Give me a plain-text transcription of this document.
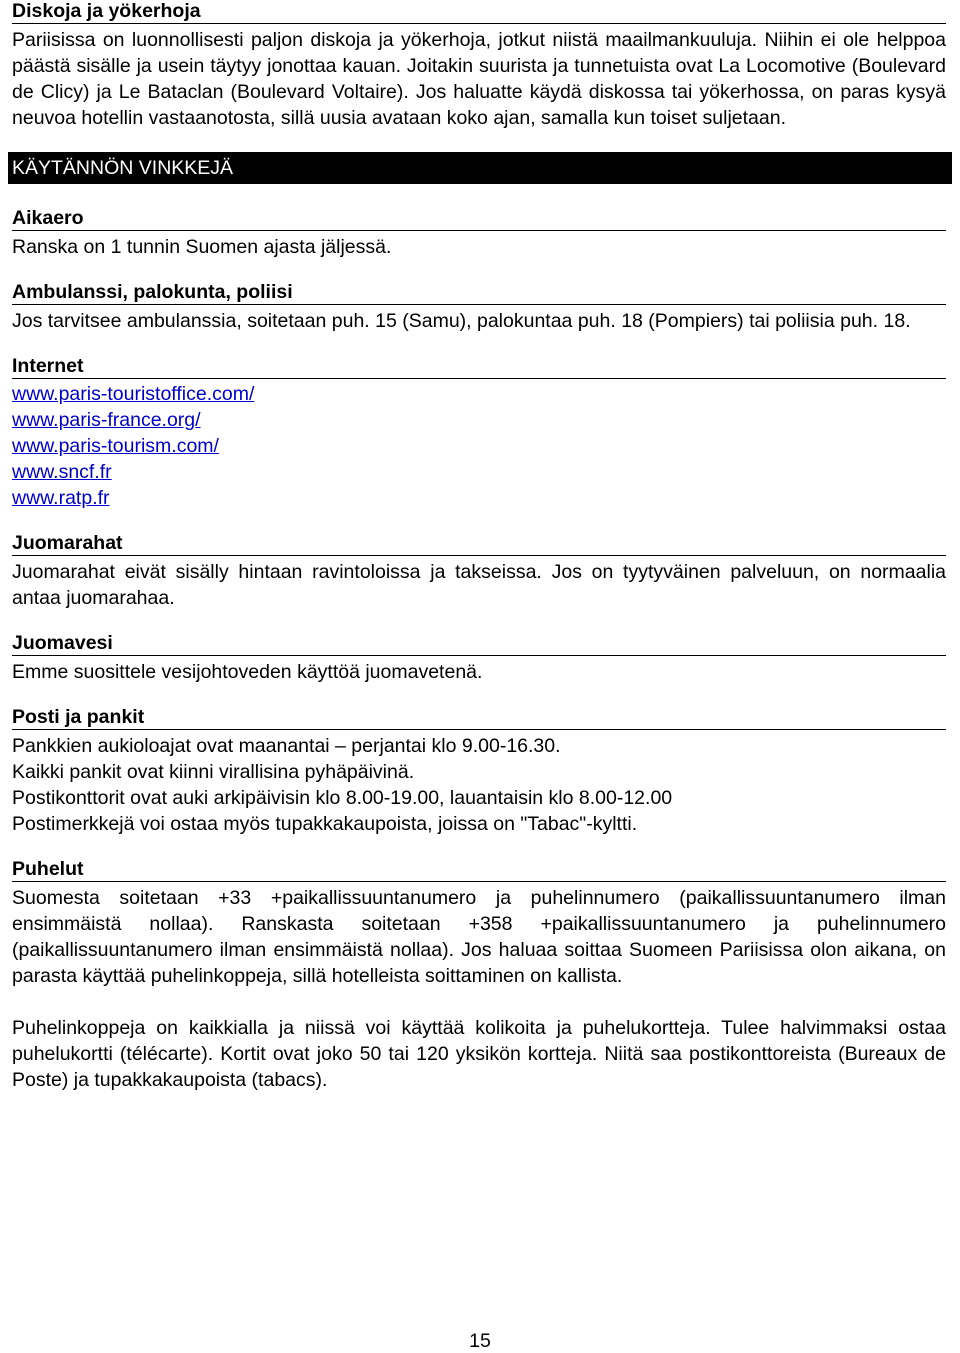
Diskoja ja yökerhoja

Pariisissa on luonnollisesti paljon diskoja ja yökerhoja, jotkut niistä maailmankuuluja. Niihin ei ole helppoa päästä sisälle ja usein täytyy jonottaa kauan. Joitakin suurista ja tunnetuista ovat La Locomotive (Boulevard de Clicy) ja Le Bataclan (Boulevard Voltaire). Jos haluatte käydä diskossa tai yökerhossa, on paras kysyä neuvoa hotellin vastaanotosta, sillä uusia avataan koko ajan, samalla kun toiset suljetaan.

KÄYTÄNNÖN VINKKEJÄ
Aikaero

Ranska on 1 tunnin Suomen ajasta jäljessä.

Ambulanssi, palokunta, poliisi

Jos tarvitsee ambulanssia, soitetaan puh. 15 (Samu), palokuntaa puh. 18 (Pompiers) tai poliisia puh. 18.

Internet
www.paris-touristoffice.com/
www.paris-france.org/
www.paris-tourism.com/
www.sncf.fr
www.ratp.fr
Juomarahat

Juomarahat eivät sisälly hintaan ravintoloissa ja takseissa. Jos on tyytyväinen palveluun, on normaalia antaa juomarahaa.

Juomavesi

Emme suosittele vesijohtoveden käyttöä juomavetenä.

Posti ja pankit

Pankkien aukioloajat ovat maanantai – perjantai klo 9.00-16.30.

Kaikki pankit ovat kiinni virallisina pyhäpäivinä.

Postikonttorit ovat auki arkipäivisin klo 8.00-19.00, lauantaisin klo 8.00-12.00

Postimerkkejä voi ostaa myös tupakkakaupoista, joissa on "Tabac"-kyltti.

Puhelut

Suomesta soitetaan +33 +paikallissuuntanumero ja puhelinnumero (paikallissuuntanumero ilman ensimmäistä nollaa). Ranskasta soitetaan +358 +paikallissuuntanumero ja puhelinnumero (paikallissuuntanumero ilman ensimmäistä nollaa). Jos haluaa soittaa Suomeen Pariisissa olon aikana, on parasta käyttää puhelinkoppeja, sillä hotelleista soittaminen on kallista.

Puhelinkoppeja on kaikkialla ja niissä voi käyttää kolikoita ja puhelukortteja. Tulee halvimmaksi ostaa puhelukortti (télécarte). Kortit ovat joko 50 tai 120 yksikön kortteja. Niitä saa postikonttoreista (Bureaux de Poste) ja tupakkakaupoista (tabacs).

15
